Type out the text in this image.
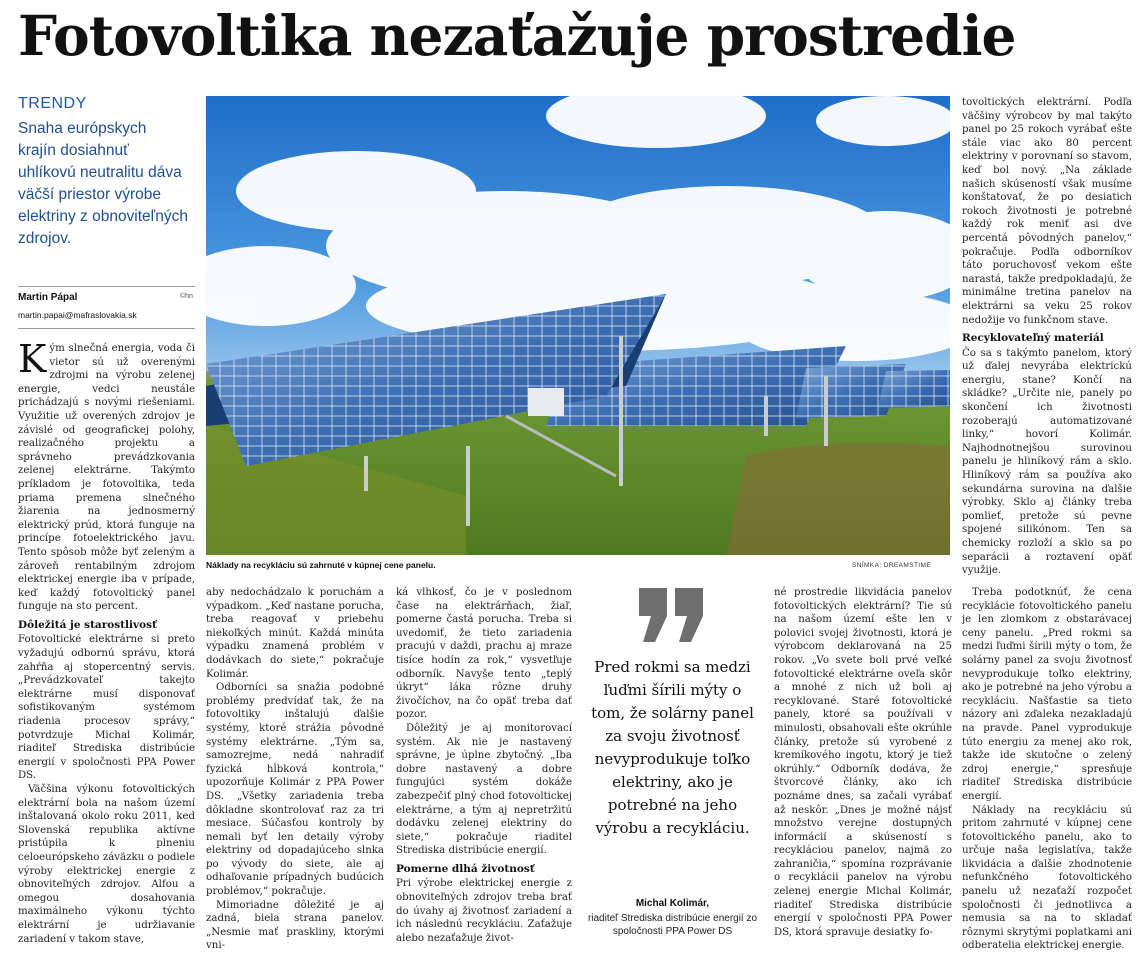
Fotovoltika nezaťažuje prostredie
TRENDY
Snaha európskych krajín dosiahnuť uhlíkovú neutralitu dáva väčší priestor výrobe elektriny z obnoviteľných zdrojov.
Martin Pápal	©hn
martin.papai@mafraslovakia.sk
Náklady na recykláciu sú zahrnuté v kúpnej cene panelu.	SNÍMKA: DREAMSTIME

Kým slnečná energia, voda či vietor sú už overenými zdrojmi na výrobu zelenej energie, vedci neustále prichádzajú s novými riešeniami. Využitie už overených zdrojov je závislé od geografickej polohy, realizačného projektu a správneho prevádzkovania zelenej elektrárne. Takýmto príkladom je fotovoltika, teda priama premena slnečného žiarenia na jednosmerný elektrický prúd, ktorá funguje na princípe fotoelektrického javu. Tento spôsob môže byť zeleným a zároveň rentabilným zdrojom elektrickej energie iba v prípade, keď každý fotovoltický panel funguje na sto percent.

Dôležitá je starostlivosť

Fotovoltické elektrárne si preto vyžadujú odbornú správu, ktorá zahŕňa aj stopercentný servis. „Prevádzkovateľ takejto elektrárne musí disponovať sofistikovaným systémom riadenia procesov správy,“ potvrdzuje Michal Kolimár, riaditeľ Strediska distribúcie energií v spoločnosti PPA Power DS.

Väčšina výkonu fotovoltických elektrární bola na našom území inštalovaná okolo roku 2011, keď Slovenská republika aktívne pristúpila k plneniu celoeurópskeho záväzku o podiele výroby elektrickej energie z obnoviteľných zdrojov. Alfou a omegou dosahovania maximálneho výkonu týchto elektrární je udržiavanie zariadení v takom stave,

aby nedochádzalo k poruchám a výpadkom. „Keď nastane porucha, treba reagovať v priebehu niekoľkých minút. Každá minúta výpadku znamená problém v dodávkach do siete,“ pokračuje Kolimár.

Odborníci sa snažia podobné problémy predvídať tak, že na fotovoltiky inštalujú ďalšie systémy, ktoré strážia pôvodné systémy elektrárne. „Tým sa, samozrejme, nedá nahradiť fyzická hĺbková kontrola,“ upozorňuje Kolimár z PPA Power DS. „Všetky zariadenia treba dôkladne skontrolovať raz za tri mesiace. Súčasťou kontroly by nemali byť len detaily výroby elektriny od dopadajúceho slnka po vývody do siete, ale aj odhaľovanie prípadných budúcich problémov,“ pokračuje.

Mimoriadne dôležité je aj zadná, biela strana panelov. „Nesmie mať praskliny, ktorými vni-

ká vlhkosť, čo je v poslednom čase na elektrárňach, žiaľ, pomerne častá porucha. Treba si uvedomiť, že tieto zariadenia pracujú v daždi, prachu aj mraze tisíce hodín za rok,“ vysvetľuje odborník. Navyše tento „teplý úkryt“ láka rôzne druhy živočíchov, na čo opäť treba dať pozor.

Dôležitý je aj monitorovací systém. Ak nie je nastavený správne, je úplne zbytočný. „Iba dobre nastavený a dobre fungujúci systém dokáže zabezpečiť plný chod fotovoltickej elektrárne, a tým aj nepretržitú dodávku zelenej elektriny do siete,“ pokračuje riaditeľ Strediska distribúcie energií.

Pomerne dlhá životnosť

Pri výrobe elektrickej energie z obnoviteľných zdrojov treba brať do úvahy aj životnosť zariadení a ich následnú recykláciu. Zaťažuje alebo nezaťažuje život-

Pred rokmi sa medzi ľuďmi šírili mýty o tom, že solárny panel za svoju životnosť nevyprodukuje toľko elektriny, ako je potrebné na jeho výrobu a recykláciu.
Michal Kolimár,
riaditeľ Strediska distribúcie energií zo spoločnosti PPA Power DS

né prostredie likvidácia panelov fotovoltických elektrární? Tie sú na našom území ešte len v polovici svojej životnosti, ktorá je výrobcom deklarovaná na 25 rokov. „Vo svete boli prvé veľké fotovoltické elektrárne oveľa skôr a mnohé z nich už boli aj recyklované. Staré fotovoltické panely, ktoré sa používali v minulosti, obsahovali ešte okrúhle články, pretože sú vyrobené z kremíkového ingotu, ktorý je tiež okrúhly.“ Odborník dodáva, že štvorcové články, ako ich poznáme dnes, sa začali vyrábať až neskôr. „Dnes je možné nájsť množstvo verejne dostupných informácií a skúseností s recykláciou panelov, najmä zo zahraničia,“ spomína rozprávanie o recyklácii panelov na výrobu zelenej energie Michal Kolimár, riaditeľ Strediska distribúcie energií v spoločnosti PPA Power DS, ktorá spravuje desiatky fo-

tovoltických elektrární. Podľa väčšiny výrobcov by mal takýto panel po 25 rokoch vyrábať ešte stále viac ako 80 percent elektriny v porovnaní so stavom, keď bol nový. „Na základe našich skúseností však musíme konštatovať, že po desiatich rokoch životnosti je potrebné každý rok meniť asi dve percentá pôvodných panelov,“ pokračuje. Podľa odborníkov táto poruchovosť vekom ešte narastá, takže predpokladajú, že minimálne tretina panelov na elektrárni sa veku 25 rokov nedožije vo funkčnom stave.

Recyklovateľný materiál

Čo sa s takýmto panelom, ktorý už ďalej nevyrába elektrickú energiu, stane? Končí na skládke? „Určite nie, panely po skončení ich životnosti rozoberajú automatizované linky,“ hovorí Kolimár. Najhodnotnejšou surovinou panelu je hliníkový rám a sklo. Hliníkový rám sa používa ako sekundárna surovina na ďalšie výrobky. Sklo aj články treba pomlieť, pretože sú pevne spojené silikónom. Ten sa chemicky rozloží a sklo sa po separácii a roztavení opäť využije.

Treba podotknúť, že cena recyklácie fotovoltického panelu je len zlomkom z obstarávacej ceny panelu. „Pred rokmi sa medzi ľuďmi šírili mýty o tom, že solárny panel za svoju životnosť nevyprodukuje toľko elektriny, ako je potrebné na jeho výrobu a recykláciu. Našťastie sa tieto názory ani zďaleka nezakladajú na pravde. Panel vyprodukuje túto energiu za menej ako rok, takže ide skutočne o zelený zdroj energie,“ spresňuje riaditeľ Strediska distribúcie energií.

Náklady na recykláciu sú pritom zahrnuté v kúpnej cene fotovoltického panelu, ako to určuje naša legislatíva, takže likvidácia a ďalšie zhodnotenie nefunkčného fotovoltického panelu už nezaťaží rozpočet spoločnosti či jednotlivca a nemusia sa na to skladať rôznymi skrytými poplatkami ani odberatelia elektrickej energie.
